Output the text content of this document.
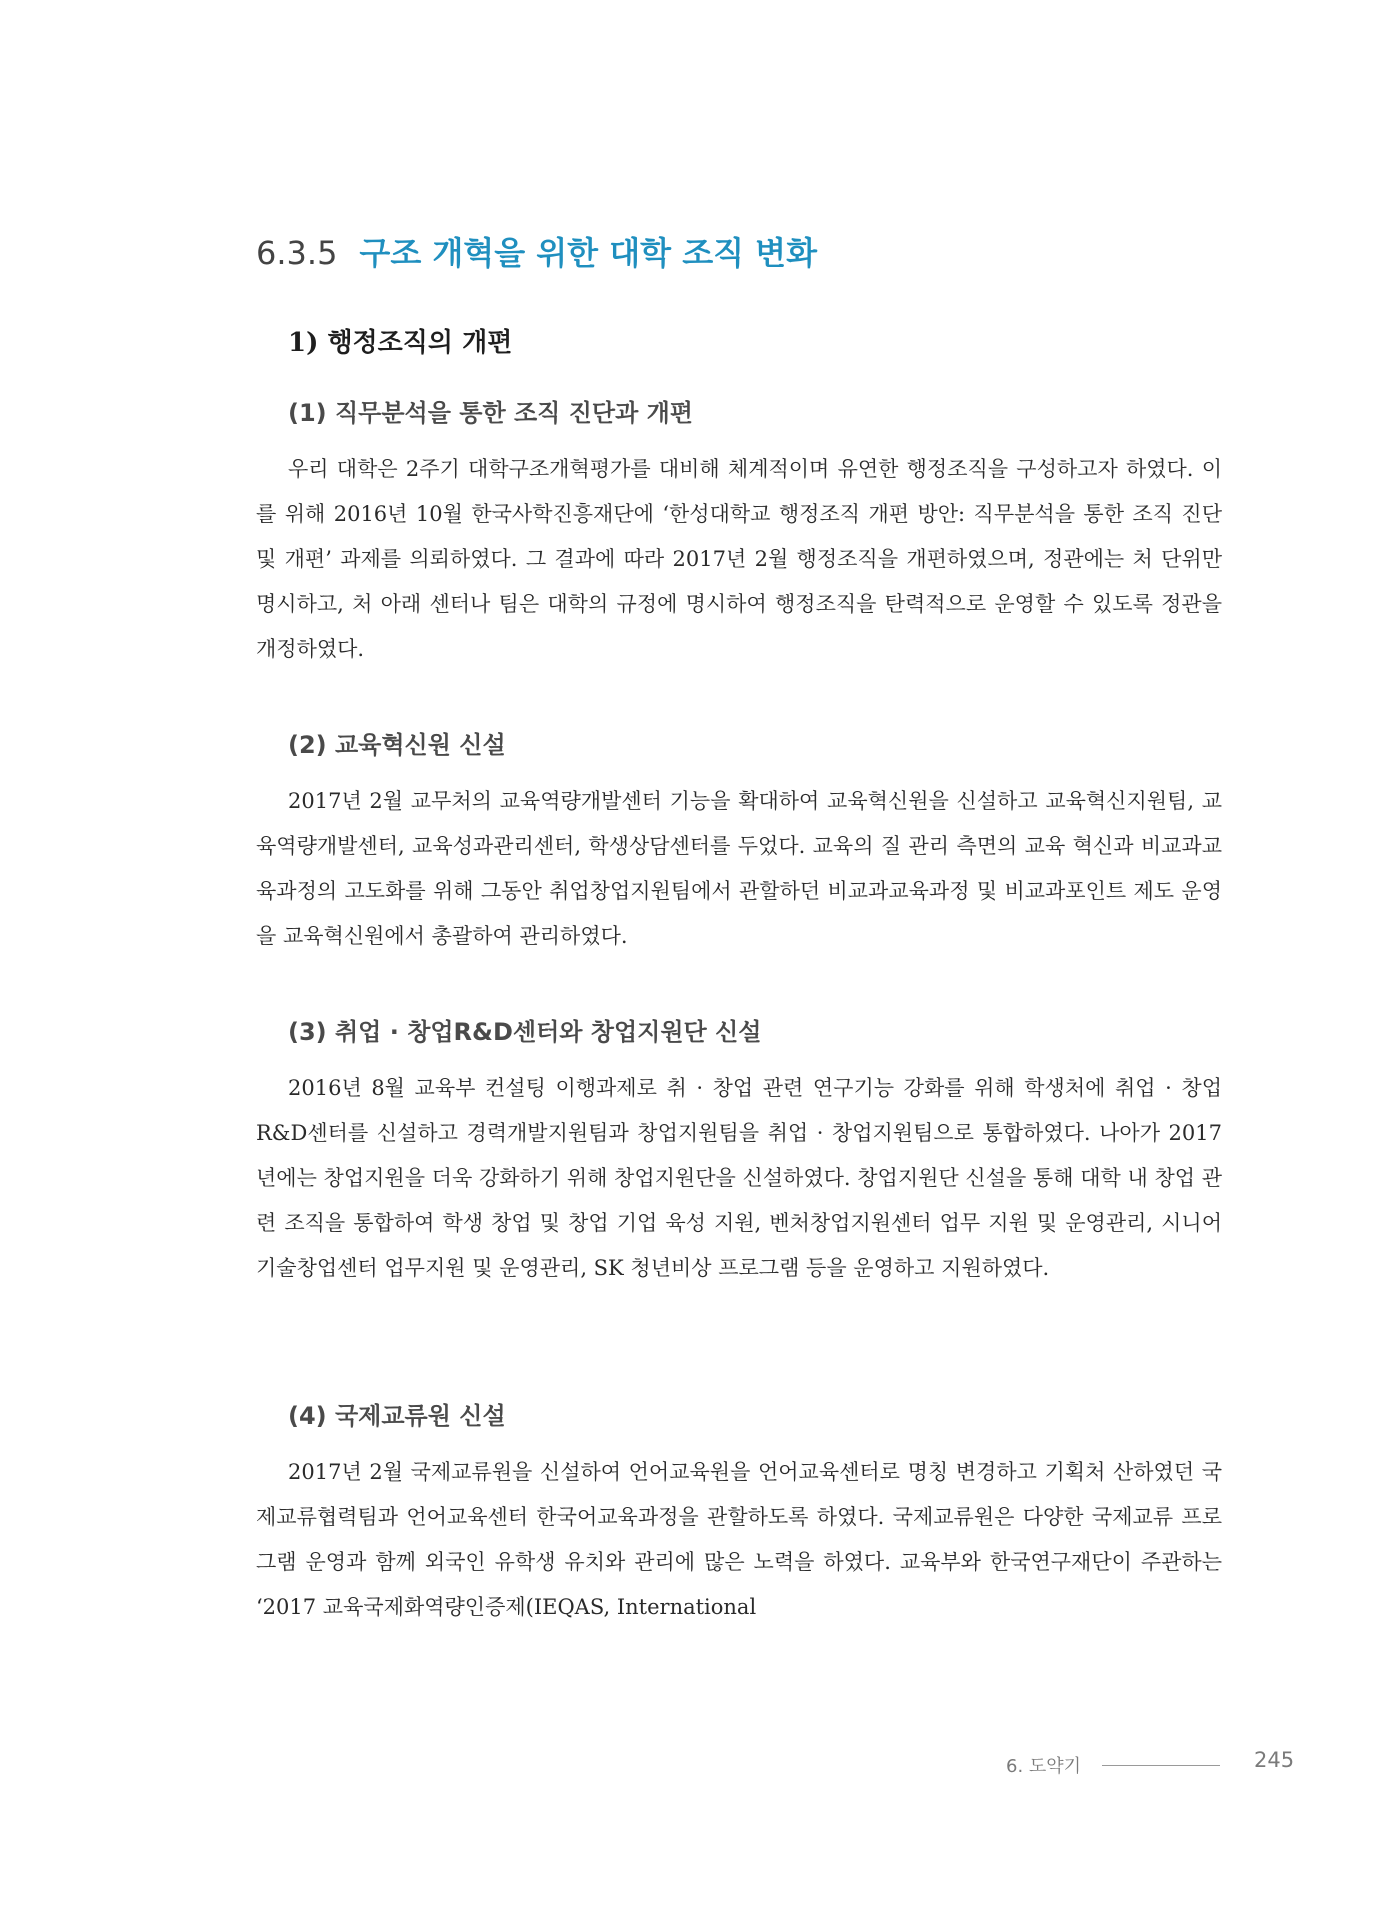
6.3.5 구조 개혁을 위한 대학 조직 변화
1) 행정조직의 개편
(1) 직무분석을 통한 조직 진단과 개편

우리 대학은 2주기 대학구조개혁평가를 대비해 체계적이며 유연한 행정조직을 구성하고자 하였다. 이를 위해 2016년 10월 한국사학진흥재단에 ‘한성대학교 행정조직 개편 방안: 직무분석을 통한 조직 진단 및 개편’ 과제를 의뢰하였다. 그 결과에 따라 2017년 2월 행정조직을 개편하였으며, 정관에는 처 단위만 명시하고, 처 아래 센터나 팀은 대학의 규정에 명시하여 행정조직을 탄력적으로 운영할 수 있도록 정관을 개정하였다.

(2) 교육혁신원 신설

2017년 2월 교무처의 교육역량개발센터 기능을 확대하여 교육혁신원을 신설하고 교육혁신지원팀, 교육역량개발센터, 교육성과관리센터, 학생상담센터를 두었다. 교육의 질 관리 측면의 교육 혁신과 비교과교육과정의 고도화를 위해 그동안 취업창업지원팀에서 관할하던 비교과교육과정 및 비교과포인트 제도 운영을 교육혁신원에서 총괄하여 관리하였다.

(3) 취업 · 창업R&D센터와 창업지원단 신설

2016년 8월 교육부 컨설팅 이행과제로 취 · 창업 관련 연구기능 강화를 위해 학생처에 취업 · 창업R&D센터를 신설하고 경력개발지원팀과 창업지원팀을 취업 · 창업지원팀으로 통합하였다. 나아가 2017년에는 창업지원을 더욱 강화하기 위해 창업지원단을 신설하였다. 창업지원단 신설을 통해 대학 내 창업 관련 조직을 통합하여 학생 창업 및 창업 기업 육성 지원, 벤처창업지원센터 업무 지원 및 운영관리, 시니어 기술창업센터 업무지원 및 운영관리, SK 청년비상 프로그램 등을 운영하고 지원하였다.

(4) 국제교류원 신설

2017년 2월 국제교류원을 신설하여 언어교육원을 언어교육센터로 명칭 변경하고 기획처 산하였던 국제교류협력팀과 언어교육센터 한국어교육과정을 관할하도록 하였다. 국제교류원은 다양한 국제교류 프로그램 운영과 함께 외국인 유학생 유치와 관리에 많은 노력을 하였다. 교육부와 한국연구재단이 주관하는 ‘2017 교육국제화역량인증제(IEQAS, International

6. 도약기	245
